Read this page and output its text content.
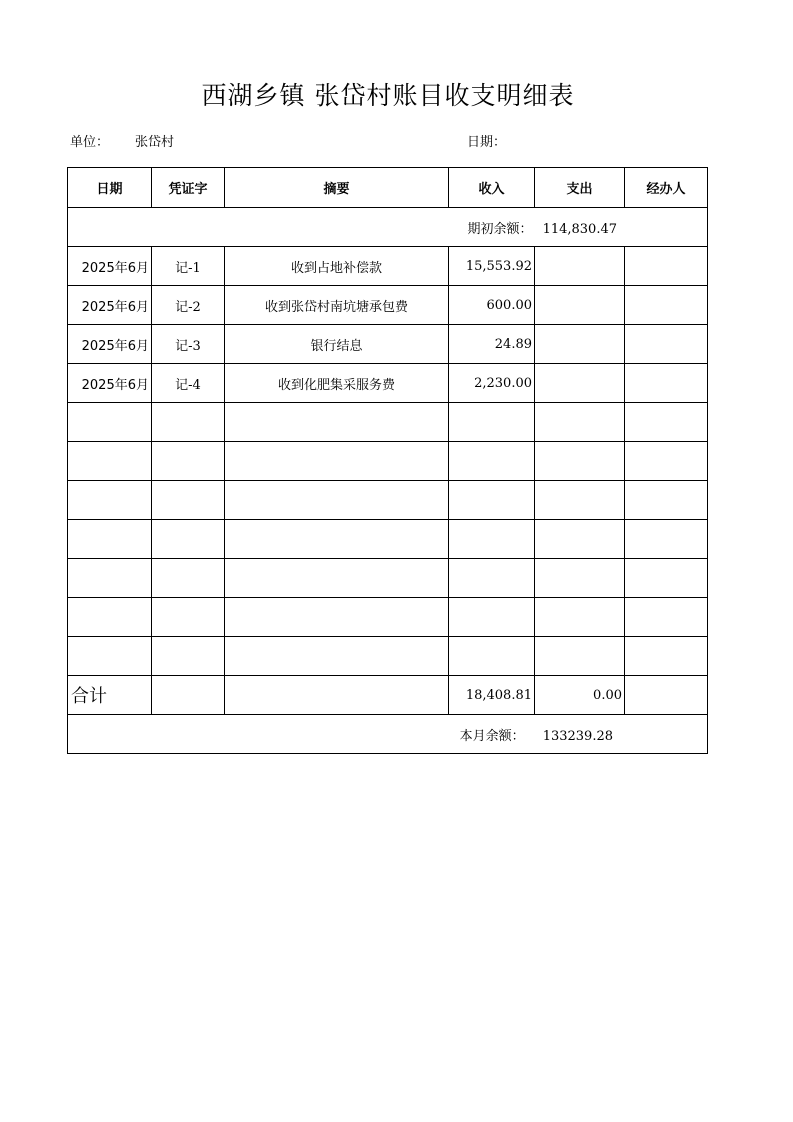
西湖乡镇 张岱村账目收支明细表
单位： 张岱村	日期：
日期	凭证字	摘要	收入	支出	经办人
期初余额： 114,830.47					
2025年6月	记-1	收到占地补偿款	15,553.92		
2025年6月	记-2	收到张岱村南坑塘承包费	600.00		
2025年6月	记-3	银行结息	24.89		
2025年6月	记-4	收到化肥集采服务费	2,230.00		

合计			18,408.81	0.00	
本月余额： 133239.28					
